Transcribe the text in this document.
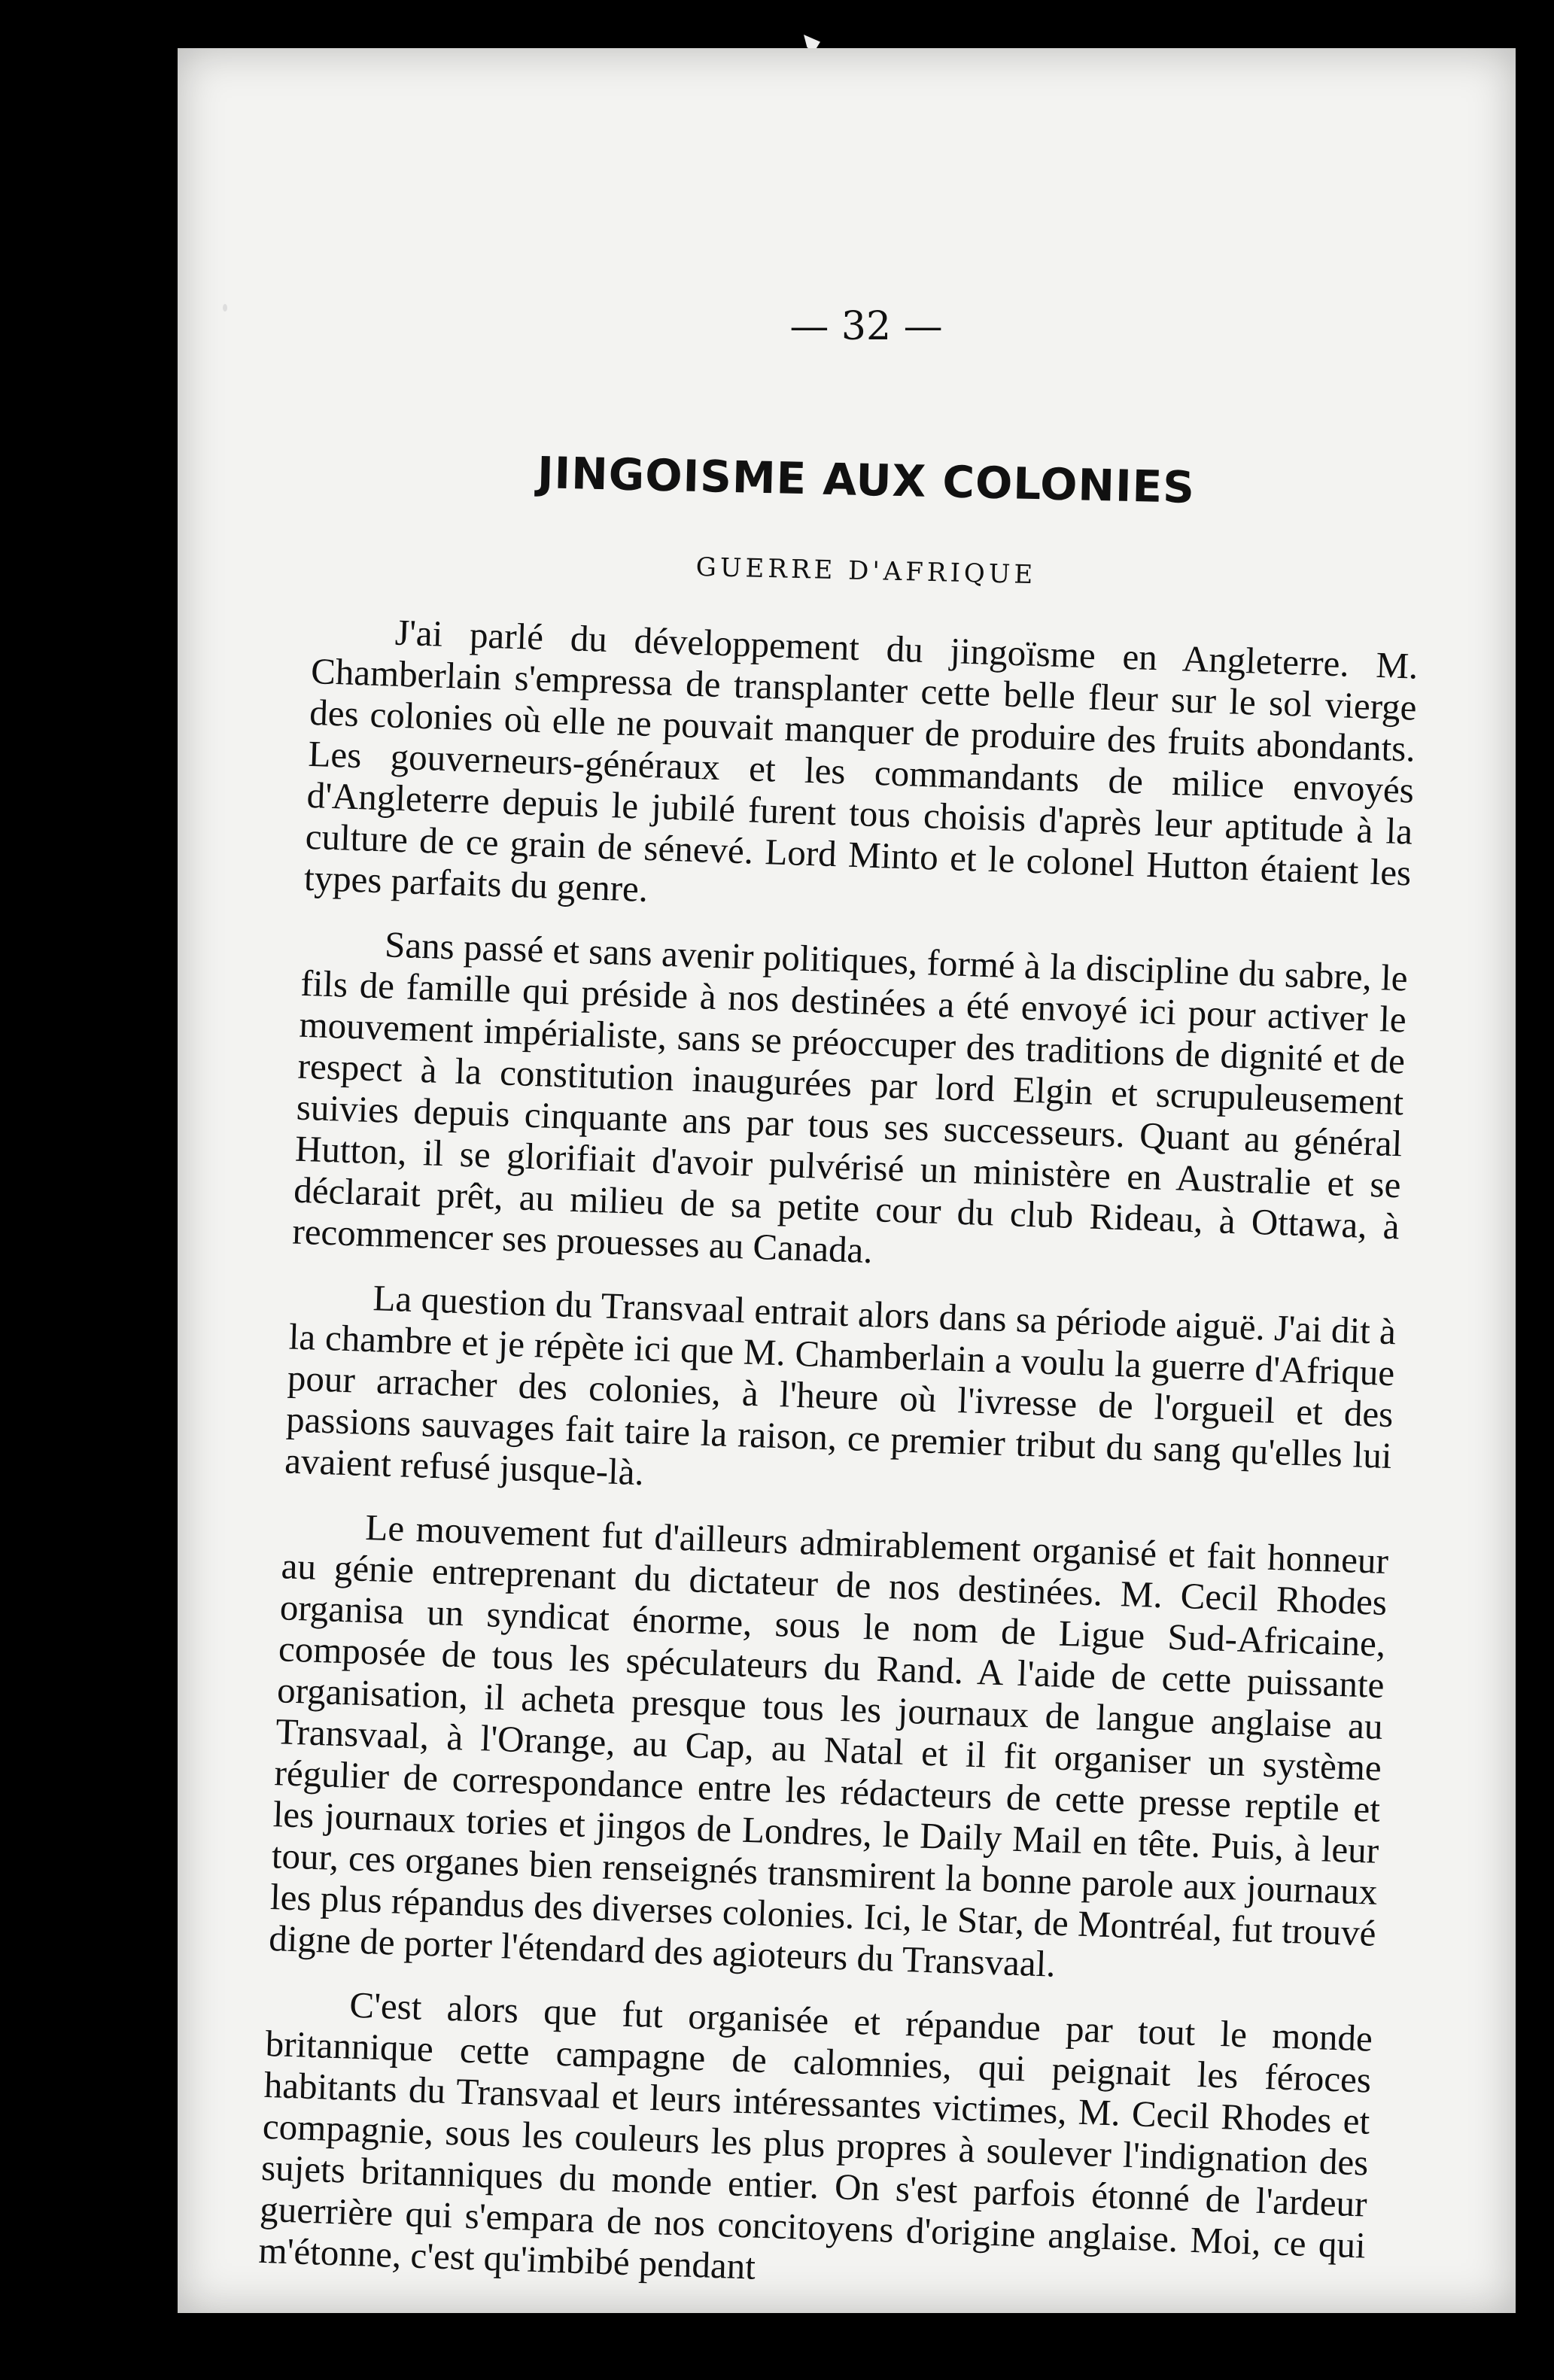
— 32 —
JINGOISME AUX COLONIES
GUERRE D'AFRIQUE

J'ai parlé du développement du jingoïsme en Angleterre. M. Chamberlain s'empressa de transplanter cette belle fleur sur le sol vierge des colonies où elle ne pouvait manquer de produire des fruits abondants. Les gouverneurs-généraux et les commandants de milice envoyés d'Angleterre depuis le jubilé furent tous choisis d'après leur aptitude à la culture de ce grain de sénevé. Lord Minto et le colonel Hutton étaient les types parfaits du genre.

Sans passé et sans avenir politiques, formé à la discipline du sabre, le fils de famille qui préside à nos destinées a été envoyé ici pour activer le mouvement impérialiste, sans se préoccuper des traditions de dignité et de respect à la constitution inaugurées par lord Elgin et scrupuleusement suivies depuis cinquante ans par tous ses successeurs. Quant au général Hutton, il se glorifiait d'avoir pulvérisé un ministère en Australie et se déclarait prêt, au milieu de sa petite cour du club Rideau, à Ottawa, à recommencer ses prouesses au Canada.

La question du Transvaal entrait alors dans sa période aiguë. J'ai dit à la chambre et je répète ici que M. Chamberlain a voulu la guerre d'Afrique pour arracher des colonies, à l'heure où l'ivresse de l'orgueil et des passions sauvages fait taire la raison, ce premier tribut du sang qu'elles lui avaient refusé jusque-là.

Le mouvement fut d'ailleurs admirablement organisé et fait honneur au génie entreprenant du dictateur de nos destinées. M. Cecil Rhodes organisa un syndicat énorme, sous le nom de Ligue Sud-Africaine, composée de tous les spéculateurs du Rand. A l'aide de cette puissante organisation, il acheta presque tous les journaux de langue anglaise au Transvaal, à l'Orange, au Cap, au Natal et il fit organiser un système régulier de correspondance entre les rédacteurs de cette presse reptile et les journaux tories et jingos de Londres, le Daily Mail en tête. Puis, à leur tour, ces organes bien renseignés transmirent la bonne parole aux journaux les plus répandus des diverses colonies. Ici, le Star, de Montréal, fut trouvé digne de porter l'étendard des agioteurs du Transvaal.

C'est alors que fut organisée et répandue par tout le monde britannique cette campagne de calomnies, qui peignait les féroces habitants du Transvaal et leurs intéressantes victimes, M. Cecil Rhodes et compagnie, sous les couleurs les plus propres à soulever l'indignation des sujets britanniques du monde entier. On s'est parfois étonné de l'ardeur guerrière qui s'empara de nos concitoyens d'origine anglaise. Moi, ce qui m'étonne, c'est qu'imbibé pendant
